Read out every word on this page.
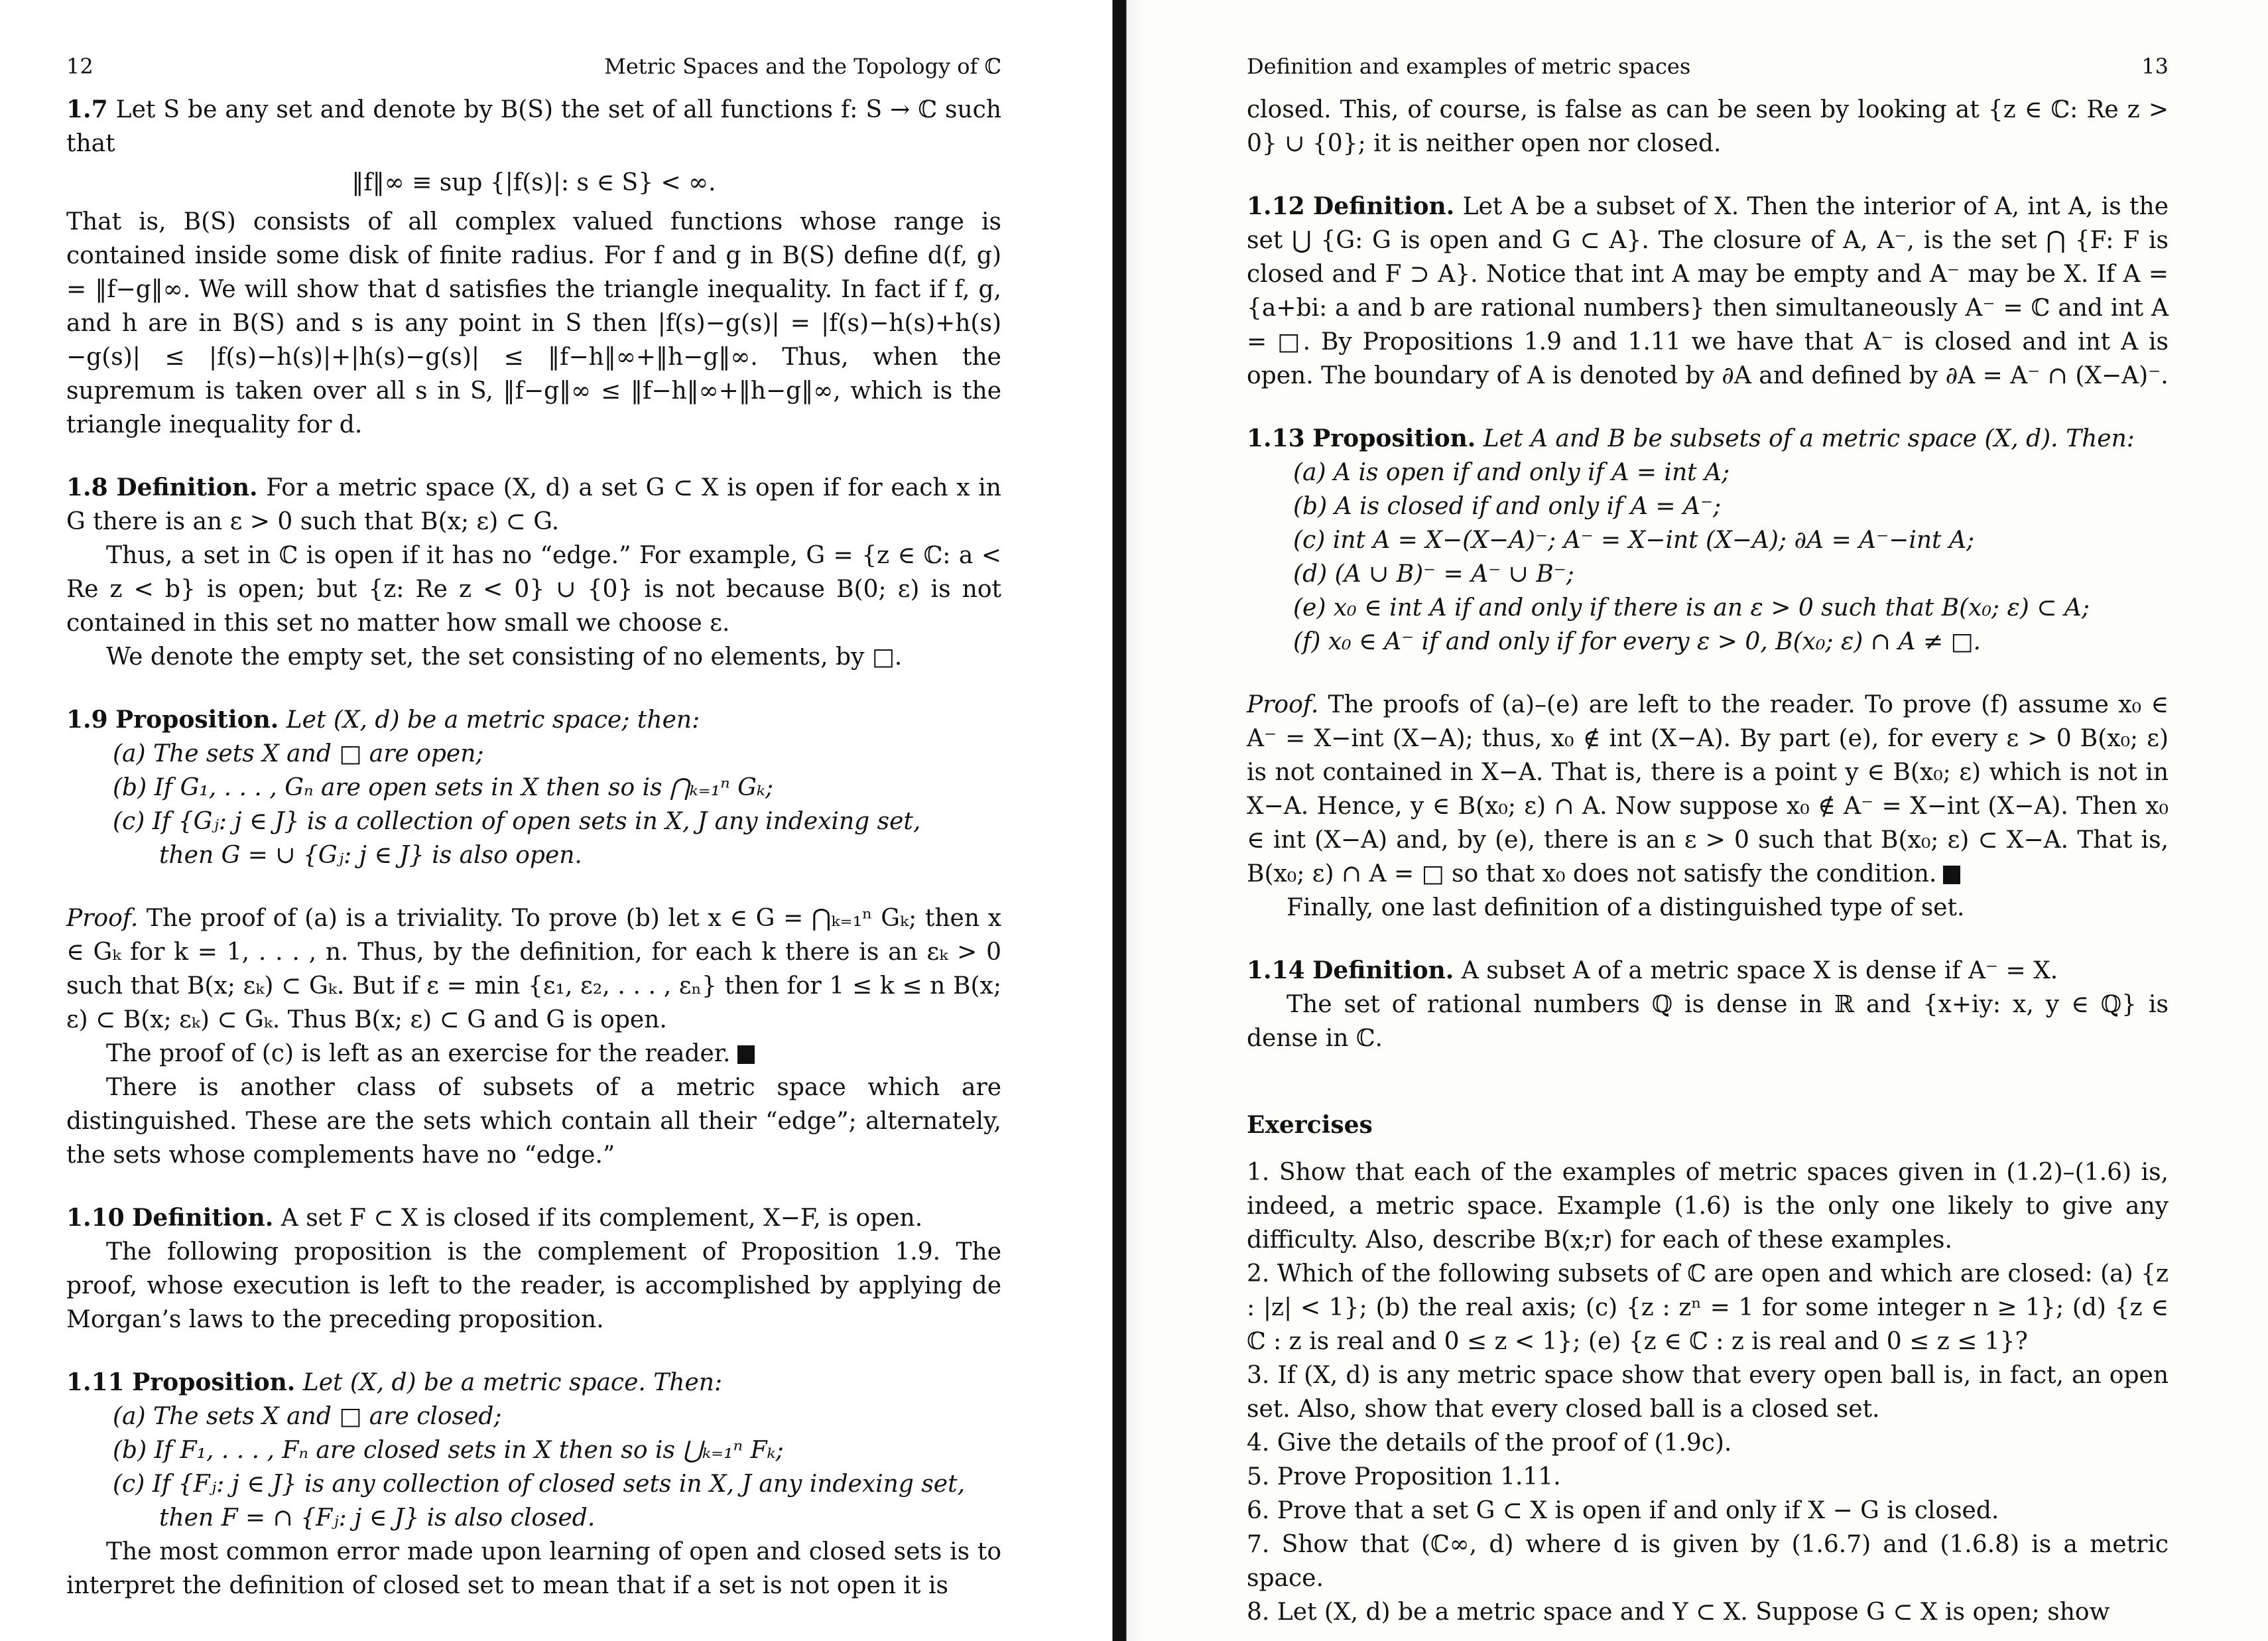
12	Metric Spaces and the Topology of ℂ

1.7 Let S be any set and denote by B(S) the set of all functions f: S → ℂ such that

‖f‖∞ ≡ sup {|f(s)|: s ∈ S} < ∞.

That is, B(S) consists of all complex valued functions whose range is contained inside some disk of finite radius. For f and g in B(S) define d(f, g) = ‖f−g‖∞. We will show that d satisfies the triangle inequality. In fact if f, g, and h are in B(S) and s is any point in S then |f(s)−g(s)| = |f(s)−h(s)+h(s)−g(s)| ≤ |f(s)−h(s)|+|h(s)−g(s)| ≤ ‖f−h‖∞+‖h−g‖∞. Thus, when the supremum is taken over all s in S, ‖f−g‖∞ ≤ ‖f−h‖∞+‖h−g‖∞, which is the triangle inequality for d.

1.8 Definition. For a metric space (X, d) a set G ⊂ X is open if for each x in G there is an ε > 0 such that B(x; ε) ⊂ G.

Thus, a set in ℂ is open if it has no “edge.” For example, G = {z ∈ ℂ: a < Re z < b} is open; but {z: Re z < 0} ∪ {0} is not because B(0; ε) is not contained in this set no matter how small we choose ε.

We denote the empty set, the set consisting of no elements, by □.

1.9 Proposition. Let (X, d) be a metric space; then:

(a) The sets X and □ are open;

(b) If G₁, . . . , Gₙ are open sets in X then so is ⋂ₖ₌₁ⁿ Gₖ;

(c) If {Gⱼ: j ∈ J} is a collection of open sets in X, J any indexing set,

then G = ∪ {Gⱼ: j ∈ J} is also open.

Proof. The proof of (a) is a triviality. To prove (b) let x ∈ G = ⋂ₖ₌₁ⁿ Gₖ; then x ∈ Gₖ for k = 1, . . . , n. Thus, by the definition, for each k there is an εₖ > 0 such that B(x; εₖ) ⊂ Gₖ. But if ε = min {ε₁, ε₂, . . . , εₙ} then for 1 ≤ k ≤ n B(x; ε) ⊂ B(x; εₖ) ⊂ Gₖ. Thus B(x; ε) ⊂ G and G is open.

The proof of (c) is left as an exercise for the reader.

There is another class of subsets of a metric space which are distinguished. These are the sets which contain all their “edge”; alternately, the sets whose complements have no “edge.”

1.10 Definition. A set F ⊂ X is closed if its complement, X−F, is open.

The following proposition is the complement of Proposition 1.9. The proof, whose execution is left to the reader, is accomplished by applying de Morgan’s laws to the preceding proposition.

1.11 Proposition. Let (X, d) be a metric space. Then:

(a) The sets X and □ are closed;

(b) If F₁, . . . , Fₙ are closed sets in X then so is ⋃ₖ₌₁ⁿ Fₖ;

(c) If {Fⱼ: j ∈ J} is any collection of closed sets in X, J any indexing set,

then F = ∩ {Fⱼ: j ∈ J} is also closed.

The most common error made upon learning of open and closed sets is to interpret the definition of closed set to mean that if a set is not open it is

Definition and examples of metric spaces	13

closed. This, of course, is false as can be seen by looking at {z ∈ ℂ: Re z > 0} ∪ {0}; it is neither open nor closed.

1.12 Definition. Let A be a subset of X. Then the interior of A, int A, is the set ⋃ {G: G is open and G ⊂ A}. The closure of A, A⁻, is the set ⋂ {F: F is closed and F ⊃ A}. Notice that int A may be empty and A⁻ may be X. If A = {a+bi: a and b are rational numbers} then simultaneously A⁻ = ℂ and int A = □. By Propositions 1.9 and 1.11 we have that A⁻ is closed and int A is open. The boundary of A is denoted by ∂A and defined by ∂A = A⁻ ∩ (X−A)⁻.

1.13 Proposition. Let A and B be subsets of a metric space (X, d). Then:

(a) A is open if and only if A = int A;

(b) A is closed if and only if A = A⁻;

(c) int A = X−(X−A)⁻; A⁻ = X−int (X−A); ∂A = A⁻−int A;

(d) (A ∪ B)⁻ = A⁻ ∪ B⁻;

(e) x₀ ∈ int A if and only if there is an ε > 0 such that B(x₀; ε) ⊂ A;

(f) x₀ ∈ A⁻ if and only if for every ε > 0, B(x₀; ε) ∩ A ≠ □.

Proof. The proofs of (a)–(e) are left to the reader. To prove (f) assume x₀ ∈ A⁻ = X−int (X−A); thus, x₀ ∉ int (X−A). By part (e), for every ε > 0 B(x₀; ε) is not contained in X−A. That is, there is a point y ∈ B(x₀; ε) which is not in X−A. Hence, y ∈ B(x₀; ε) ∩ A. Now suppose x₀ ∉ A⁻ = X−int (X−A). Then x₀ ∈ int (X−A) and, by (e), there is an ε > 0 such that B(x₀; ε) ⊂ X−A. That is, B(x₀; ε) ∩ A = □ so that x₀ does not satisfy the condition.

Finally, one last definition of a distinguished type of set.

1.14 Definition. A subset A of a metric space X is dense if A⁻ = X.

The set of rational numbers ℚ is dense in ℝ and {x+iy: x, y ∈ ℚ} is dense in ℂ.

Exercises

1. Show that each of the examples of metric spaces given in (1.2)–(1.6) is, indeed, a metric space. Example (1.6) is the only one likely to give any difficulty. Also, describe B(x;r) for each of these examples.

2. Which of the following subsets of ℂ are open and which are closed: (a) {z : |z| < 1}; (b) the real axis; (c) {z : zⁿ = 1 for some integer n ≥ 1}; (d) {z ∈ ℂ : z is real and 0 ≤ z < 1}; (e) {z ∈ ℂ : z is real and 0 ≤ z ≤ 1}?

3. If (X, d) is any metric space show that every open ball is, in fact, an open set. Also, show that every closed ball is a closed set.

4. Give the details of the proof of (1.9c).

5. Prove Proposition 1.11.

6. Prove that a set G ⊂ X is open if and only if X − G is closed.

7. Show that (ℂ∞, d) where d is given by (1.6.7) and (1.6.8) is a metric space.

8. Let (X, d) be a metric space and Y ⊂ X. Suppose G ⊂ X is open; show
